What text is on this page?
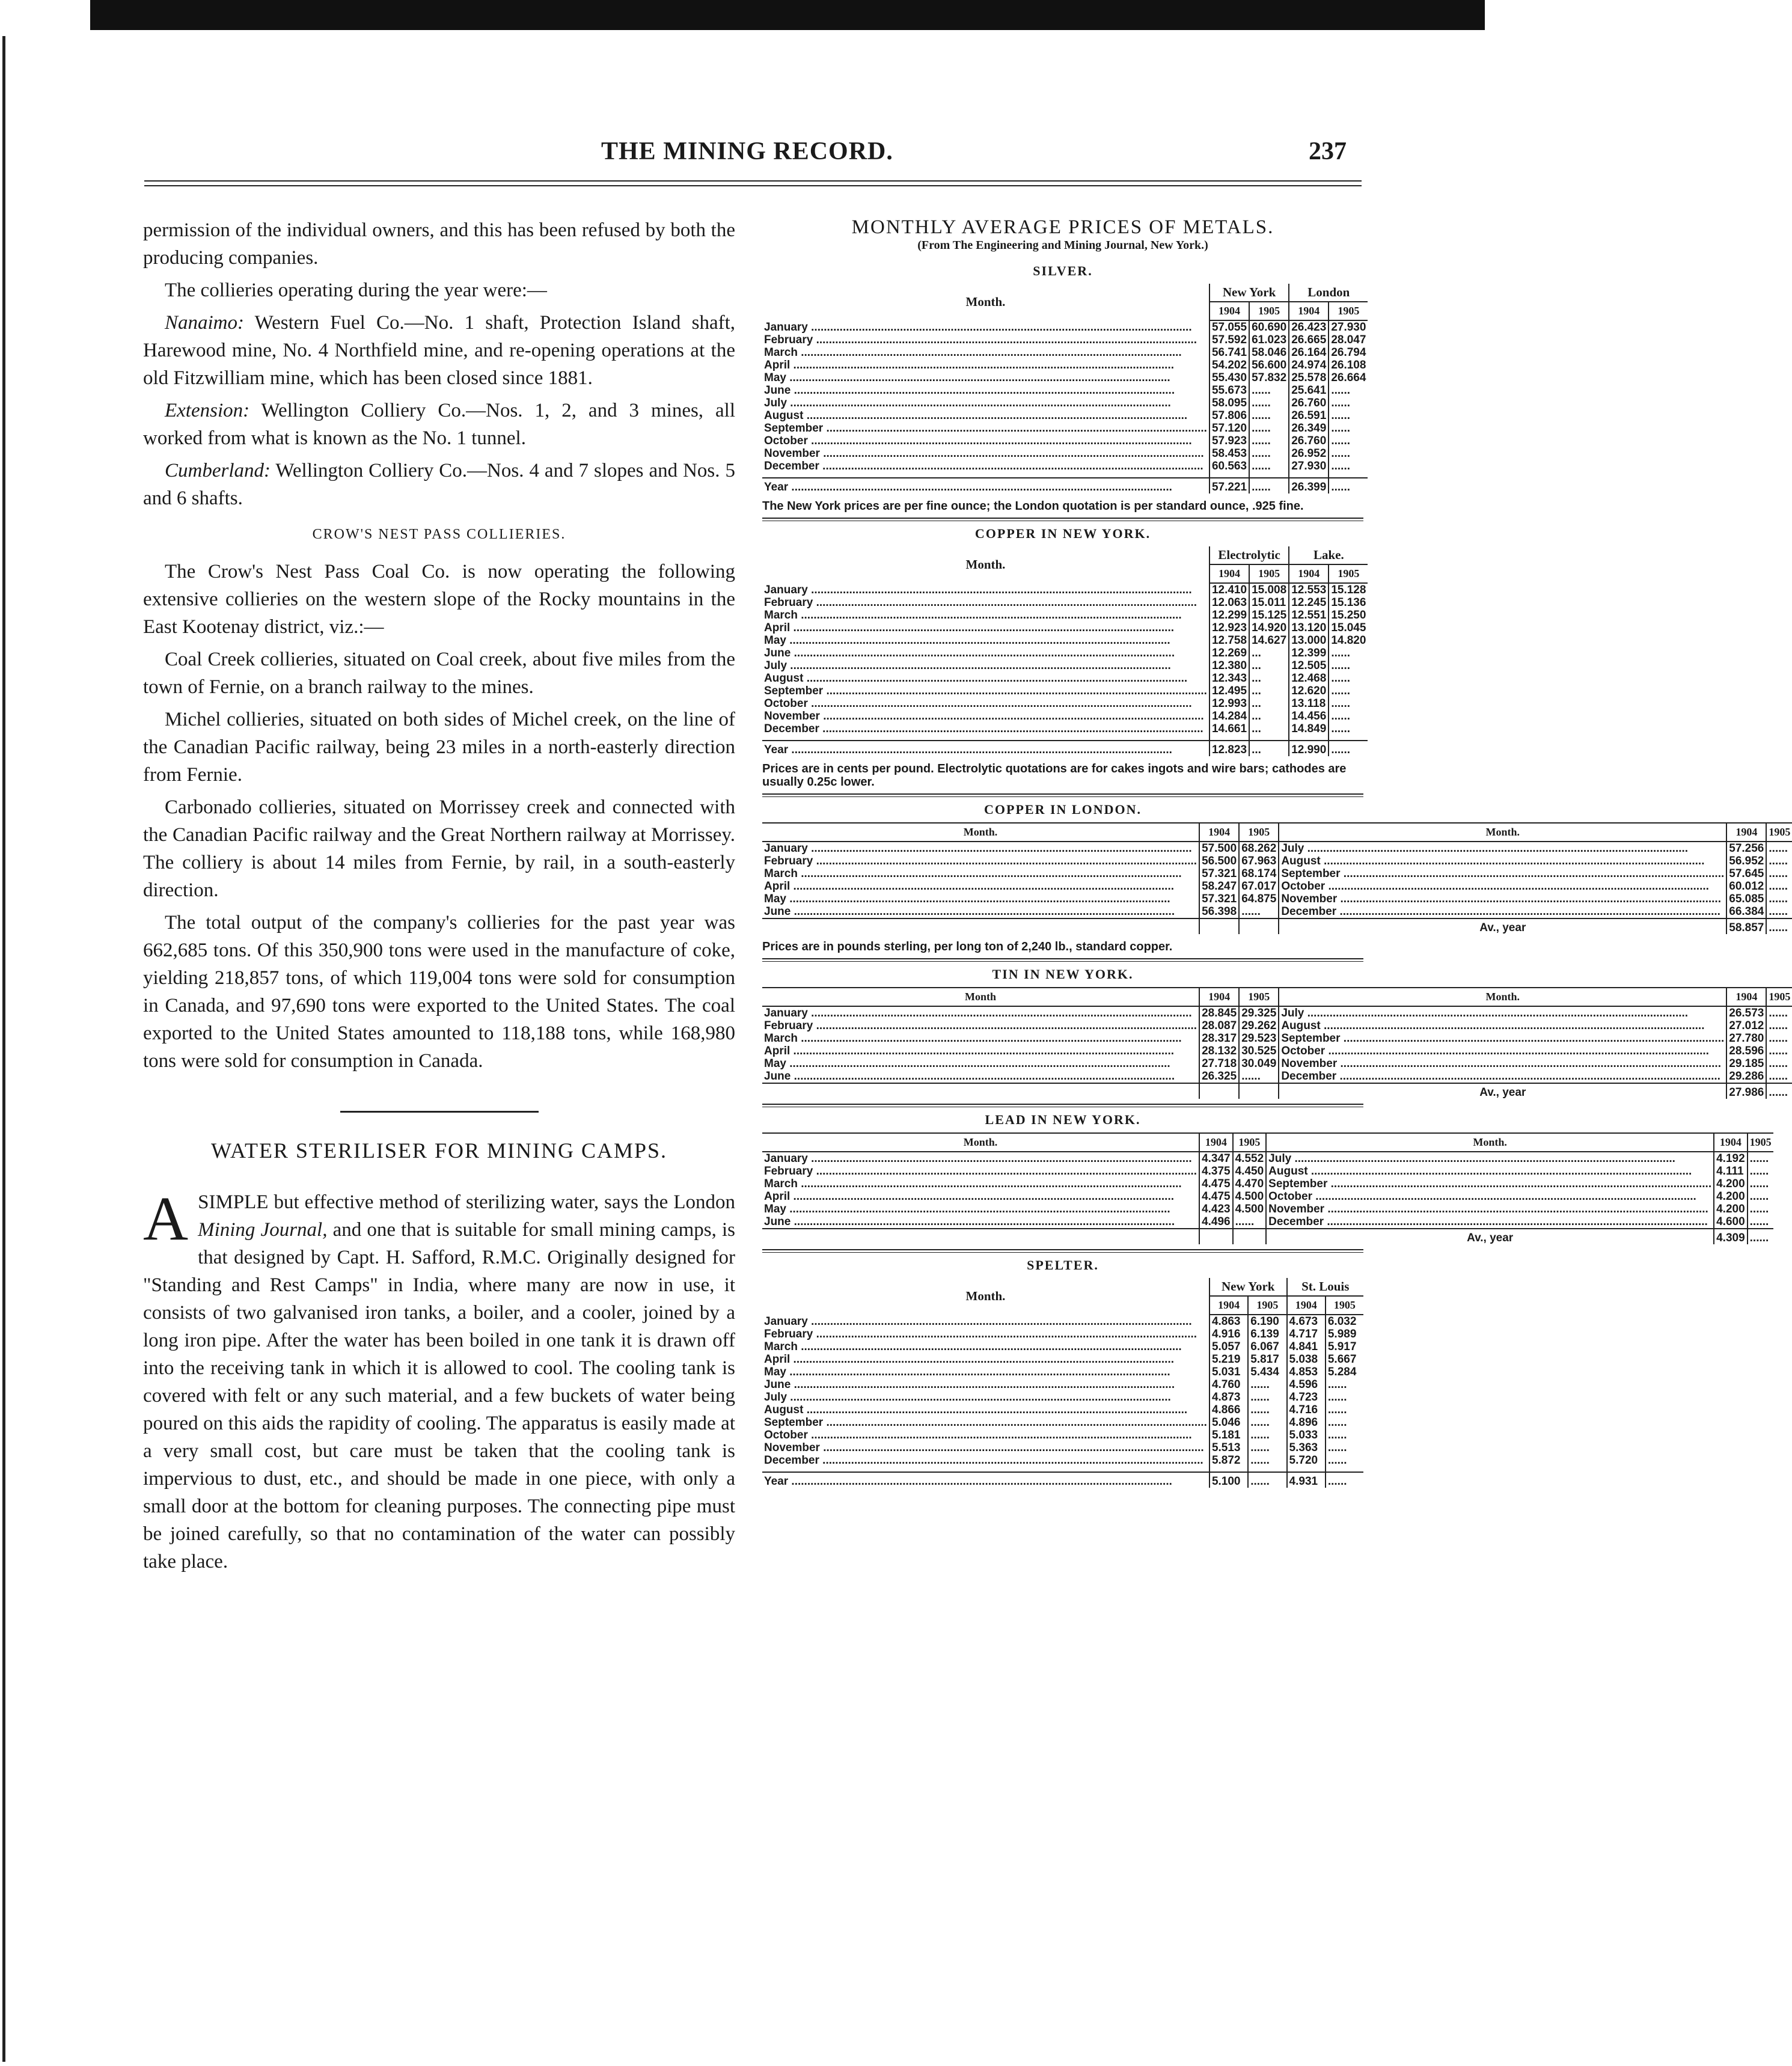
THE MINING RECORD.	237

permission of the individual owners, and this has been refused by both the producing companies.

The collieries operating during the year were:—

Nanaimo: Western Fuel Co.—No. 1 shaft, Protection Island shaft, Harewood mine, No. 4 Northfield mine, and re-opening operations at the old Fitzwilliam mine, which has been closed since 1881.

Extension: Wellington Colliery Co.—Nos. 1, 2, and 3 mines, all worked from what is known as the No. 1 tunnel.

Cumberland: Wellington Colliery Co.—Nos. 4 and 7 slopes and Nos. 5 and 6 shafts.

CROW'S NEST PASS COLLIERIES.

The Crow's Nest Pass Coal Co. is now operating the following extensive collieries on the western slope of the Rocky mountains in the East Kootenay district, viz.:—

Coal Creek collieries, situated on Coal creek, about five miles from the town of Fernie, on a branch railway to the mines.

Michel collieries, situated on both sides of Michel creek, on the line of the Canadian Pacific railway, being 23 miles in a north-easterly direction from Fernie.

Carbonado collieries, situated on Morrissey creek and connected with the Canadian Pacific railway and the Great Northern railway at Morrissey. The colliery is about 14 miles from Fernie, by rail, in a south-easterly direction.

The total output of the company's collieries for the past year was 662,685 tons. Of this 350,900 tons were used in the manufacture of coke, yielding 218,857 tons, of which 119,004 tons were sold for consumption in Canada, and 97,690 tons were exported to the United States. The coal exported to the United States amounted to 118,188 tons, while 168,980 tons were sold for consumption in Canada.

WATER STERILISER FOR MINING CAMPS.

ASIMPLE but effective method of sterilizing water, says the London Mining Journal, and one that is suitable for small mining camps, is that designed by Capt. H. Safford, R.M.C. Originally designed for "Standing and Rest Camps" in India, where many are now in use, it consists of two galvanised iron tanks, a boiler, and a cooler, joined by a long iron pipe. After the water has been boiled in one tank it is drawn off into the receiving tank in which it is allowed to cool. The cooling tank is covered with felt or any such material, and a few buckets of water being poured on this aids the rapidity of cooling. The apparatus is easily made at a very small cost, but care must be taken that the cooling tank is impervious to dust, etc., and should be made in one piece, with only a small door at the bottom for cleaning purposes. The connecting pipe must be joined carefully, so that no contamination of the water can possibly take place.

MONTHLY AVERAGE PRICES OF METALS.
(From The Engineering and Mining Journal, New York.)
SILVER.
Month.	New York		London	
	1904	1905	1904	1905
January ........................................................................................................................	57.055	60.690	26.423	27.930
February ........................................................................................................................	57.592	61.023	26.665	28.047
March ........................................................................................................................	56.741	58.046	26.164	26.794
April ........................................................................................................................	54.202	56.600	24.974	26.108
May ........................................................................................................................	55.430	57.832	25.578	26.664
June ........................................................................................................................	55.673	......	25.641	......
July ........................................................................................................................	58.095	......	26.760	......
August ........................................................................................................................	57.806	......	26.591	......
September ........................................................................................................................	57.120	......	26.349	......
October ........................................................................................................................	57.923	......	26.760	......
November ........................................................................................................................	58.453	......	26.952	......
December ........................................................................................................................	60.563	......	27.930	......

Year ........................................................................................................................	57.221	......	26.399	......
The New York prices are per fine ounce; the London quotation is per standard ounce, .925 fine.
COPPER IN NEW YORK.
Month.	Electrolytic		Lake.	
	1904	1905	1904	1905
January ........................................................................................................................	12.410	15.008	12.553	15.128
February ........................................................................................................................	12.063	15.011	12.245	15.136
March ........................................................................................................................	12.299	15.125	12.551	15.250
April ........................................................................................................................	12.923	14.920	13.120	15.045
May ........................................................................................................................	12.758	14.627	13.000	14.820
June ........................................................................................................................	12.269	...	12.399	......
July ........................................................................................................................	12.380	...	12.505	......
August ........................................................................................................................	12.343	...	12.468	......
September ........................................................................................................................	12.495	...	12.620	......
October ........................................................................................................................	12.993	...	13.118	......
November ........................................................................................................................	14.284	...	14.456	......
December ........................................................................................................................	14.661	...	14.849	......

Year ........................................................................................................................	12.823	...	12.990	......
Prices are in cents per pound. Electrolytic quotations are for cakes ingots and wire bars; cathodes are usually 0.25c lower.
COPPER IN LONDON.
Month.	1904	1905	Month.	1904	1905
January ........................................................................................................................	57.500	68.262	July ........................................................................................................................	57.256	......
February ........................................................................................................................	56.500	67.963	August ........................................................................................................................	56.952	......
March ........................................................................................................................	57.321	68.174	September ........................................................................................................................	57.645	......
April ........................................................................................................................	58.247	67.017	October ........................................................................................................................	60.012	......
May ........................................................................................................................	57.321	64.875	November ........................................................................................................................	65.085	......
June ........................................................................................................................	56.398	......	December ........................................................................................................................	66.384	......
			Av., year	58.857	......
Prices are in pounds sterling, per long ton of 2,240 lb., standard copper.
TIN IN NEW YORK.
Month	1904	1905	Month.	1904	1905
January ........................................................................................................................	28.845	29.325	July ........................................................................................................................	26.573	......
February ........................................................................................................................	28.087	29.262	August ........................................................................................................................	27.012	......
March ........................................................................................................................	28.317	29.523	September ........................................................................................................................	27.780	......
April ........................................................................................................................	28.132	30.525	October ........................................................................................................................	28.596	......
May ........................................................................................................................	27.718	30.049	November ........................................................................................................................	29.185	......
June ........................................................................................................................	26.325	......	December ........................................................................................................................	29.286	......
			Av., year	27.986	......
LEAD IN NEW YORK.
Month.	1904	1905	Month.	1904	1905
January ........................................................................................................................	4.347	4.552	July ........................................................................................................................	4.192	......
February ........................................................................................................................	4.375	4.450	August ........................................................................................................................	4.111	......
March ........................................................................................................................	4.475	4.470	September ........................................................................................................................	4.200	......
April ........................................................................................................................	4.475	4.500	October ........................................................................................................................	4.200	......
May ........................................................................................................................	4.423	4.500	November ........................................................................................................................	4.200	......
June ........................................................................................................................	4.496	......	December ........................................................................................................................	4.600	......
			Av., year	4.309	......
SPELTER.
Month.	New York		St. Louis	
	1904	1905	1904	1905
January ........................................................................................................................	4.863	6.190	4.673	6.032
February ........................................................................................................................	4.916	6.139	4.717	5.989
March ........................................................................................................................	5.057	6.067	4.841	5.917
April ........................................................................................................................	5.219	5.817	5.038	5.667
May ........................................................................................................................	5.031	5.434	4.853	5.284
June ........................................................................................................................	4.760	......	4.596	......
July ........................................................................................................................	4.873	......	4.723	......
August ........................................................................................................................	4.866	......	4.716	......
September ........................................................................................................................	5.046	......	4.896	......
October ........................................................................................................................	5.181	......	5.033	......
November ........................................................................................................................	5.513	......	5.363	......
December ........................................................................................................................	5.872	......	5.720	......

Year ........................................................................................................................	5.100	......	4.931	......
